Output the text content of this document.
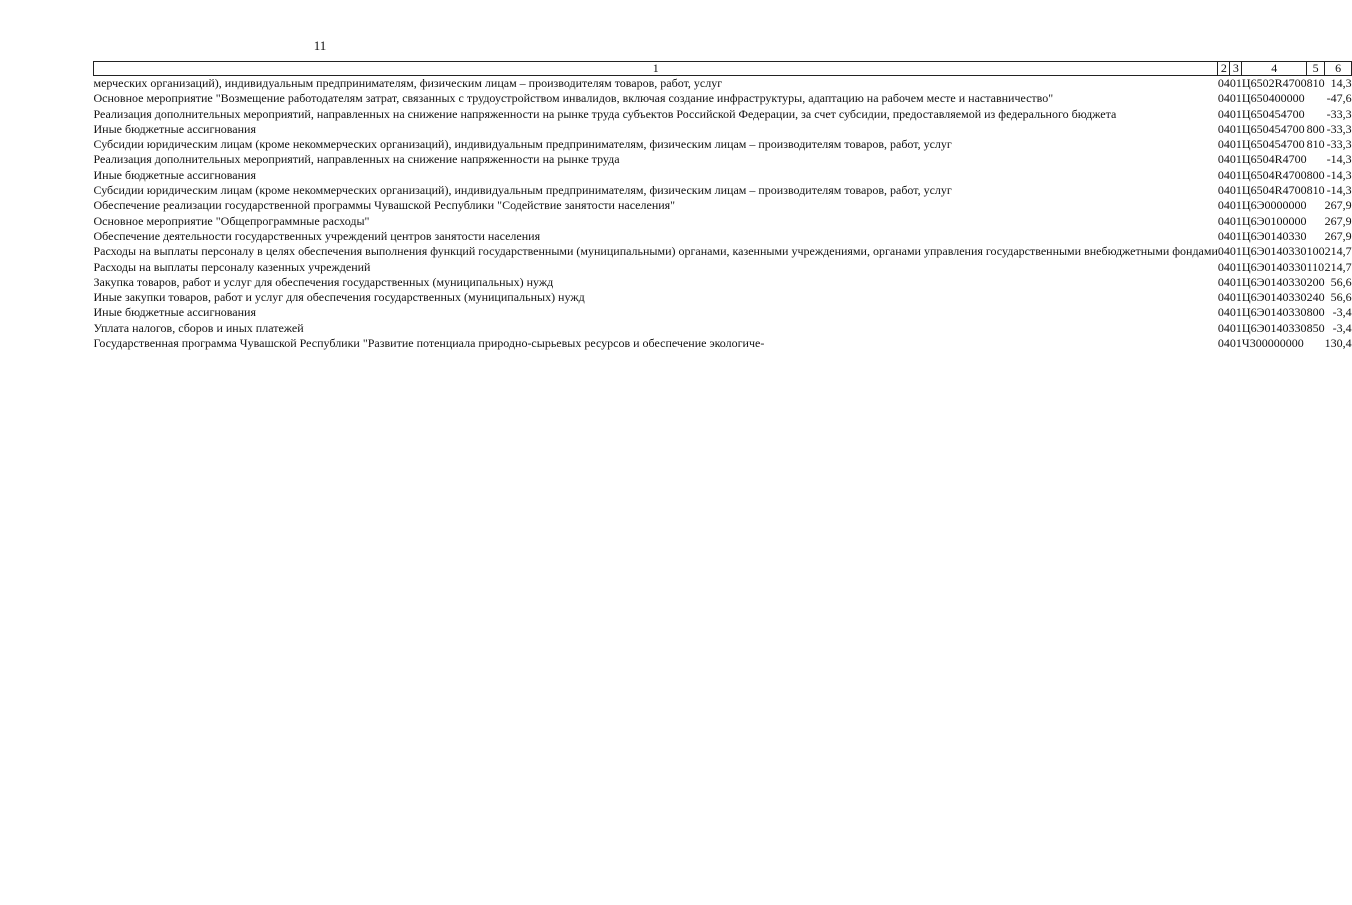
11
1	2	3	4	5	6
мерческих организаций), индивидуальным предпринимателям, физическим лицам – производителям товаров, работ, услуг	04	01	Ц6502R4700	810	14,3
Основное мероприятие "Возмещение работодателям затрат, связанных с трудоустройством инвалидов, включая создание инфраструктуры, адаптацию на рабочем месте и наставничество"	04	01	Ц650400000		-47,6
Реализация дополнительных мероприятий, направленных на снижение напряженности на рынке труда субъектов Российской Федерации, за счет субсидии, предоставляемой из федерального бюджета	04	01	Ц650454700		-33,3
Иные бюджетные ассигнования	04	01	Ц650454700	800	-33,3
Субсидии юридическим лицам (кроме некоммерческих организаций), индивидуальным предпринимателям, физическим лицам – производителям товаров, работ, услуг	04	01	Ц650454700	810	-33,3
Реализация дополнительных мероприятий, направленных на снижение напряженности на рынке труда	04	01	Ц6504R4700		-14,3
Иные бюджетные ассигнования	04	01	Ц6504R4700	800	-14,3
Субсидии юридическим лицам (кроме некоммерческих организаций), индивидуальным предпринимателям, физическим лицам – производителям товаров, работ, услуг	04	01	Ц6504R4700	810	-14,3
Обеспечение реализации государственной программы Чувашской Республики "Содействие занятости населения"	04	01	Ц6Э0000000		267,9
Основное мероприятие "Общепрограммные расходы"	04	01	Ц6Э0100000		267,9
Обеспечение деятельности государственных учреждений центров занятости населения	04	01	Ц6Э0140330		267,9
Расходы на выплаты персоналу в целях обеспечения выполнения функций государственными (муниципальными) органами, казенными учреждениями, органами управления государственными внебюджетными фондами	04	01	Ц6Э0140330	100	214,7
Расходы на выплаты персоналу казенных учреждений	04	01	Ц6Э0140330	110	214,7
Закупка товаров, работ и услуг для обеспечения государственных (муниципальных) нужд	04	01	Ц6Э0140330	200	56,6
Иные закупки товаров, работ и услуг для обеспечения государственных (муниципальных) нужд	04	01	Ц6Э0140330	240	56,6
Иные бюджетные ассигнования	04	01	Ц6Э0140330	800	-3,4
Уплата налогов, сборов и иных платежей	04	01	Ц6Э0140330	850	-3,4
Государственная программа Чувашской Республики "Развитие потенциала природно-сырьевых ресурсов и обеспечение экологиче-	04	01	Ч300000000		130,4
